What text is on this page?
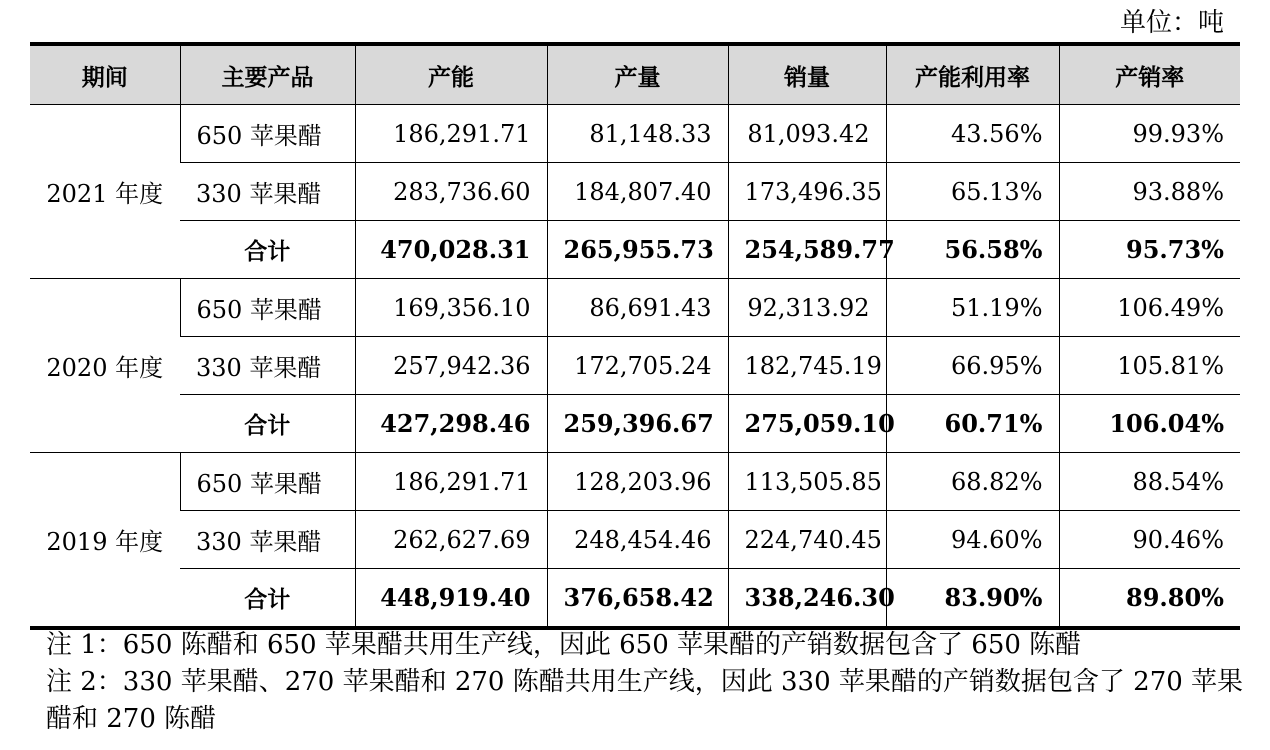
单位：吨
期间	主要产品	产能	产量	销量	产能利用率	产销率
2021 年度	650 苹果醋	186,291.71	81,148.33	81,093.42	43.56%	99.93%
	330 苹果醋	283,736.60	184,807.40	173,496.35	65.13%	93.88%
	合计	470,028.31	265,955.73	254,589.77	56.58%	95.73%
2020 年度	650 苹果醋	169,356.10	86,691.43	92,313.92	51.19%	106.49%
	330 苹果醋	257,942.36	172,705.24	182,745.19	66.95%	105.81%
	合计	427,298.46	259,396.67	275,059.10	60.71%	106.04%
2019 年度	650 苹果醋	186,291.71	128,203.96	113,505.85	68.82%	88.54%
	330 苹果醋	262,627.69	248,454.46	224,740.45	94.60%	90.46%
	合计	448,919.40	376,658.42	338,246.30	83.90%	89.80%

注 1：650 陈醋和 650 苹果醋共用生产线，因此 650 苹果醋的产销数据包含了 650 陈醋

注 2：330 苹果醋、270 苹果醋和 270 陈醋共用生产线，因此 330 苹果醋的产销数据包含了 270 苹果醋和 270 陈醋
